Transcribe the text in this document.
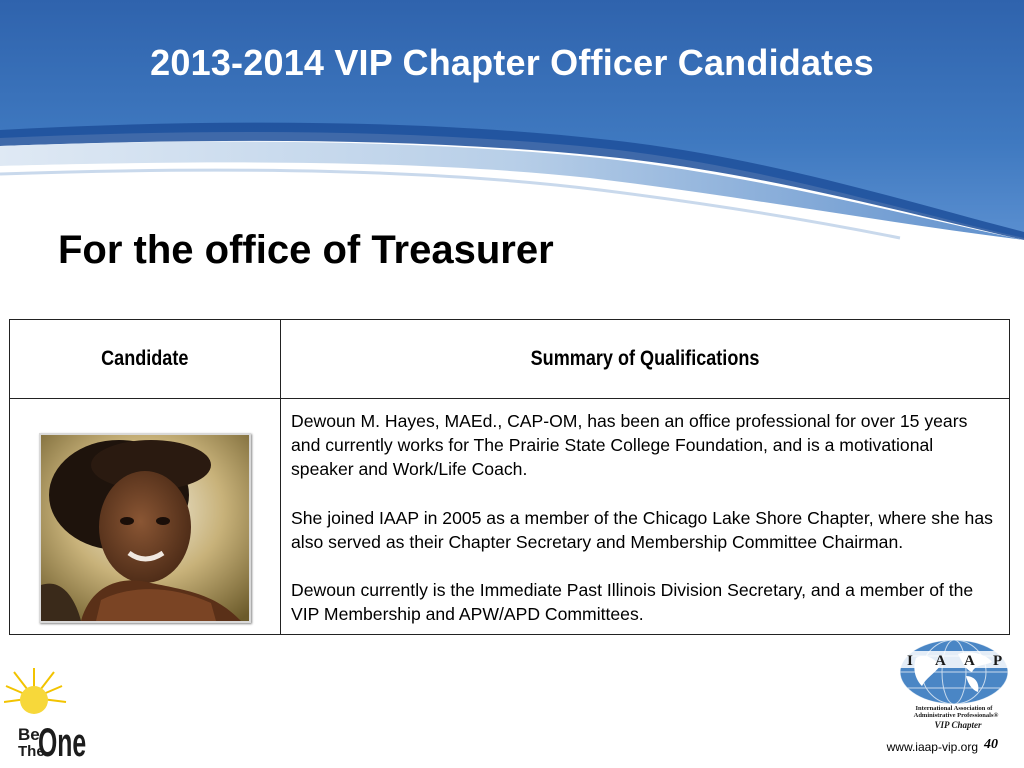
2013-2014 VIP Chapter Officer Candidates
For the office of Treasurer
Candidate	Summary of Qualifications

Dewoun M. Hayes, MAEd., CAP-OM, has been an office professional for over 15 years and currently works for The Prairie State College Foundation, and is a motivational speaker and Work/Life Coach.

She joined IAAP in 2005 as a member of the Chicago Lake Shore Chapter, where she has also served as their Chapter Secretary and Membership Committee Chairman.

Dewoun currently is the Immediate Past Illinois Division Secretary, and a member of the VIP Membership and APW/APD Committees.

Be
The
One
I A A P
International Association of
Administrative Professionals®
VIP Chapter
www.iaap-vip.org 40
